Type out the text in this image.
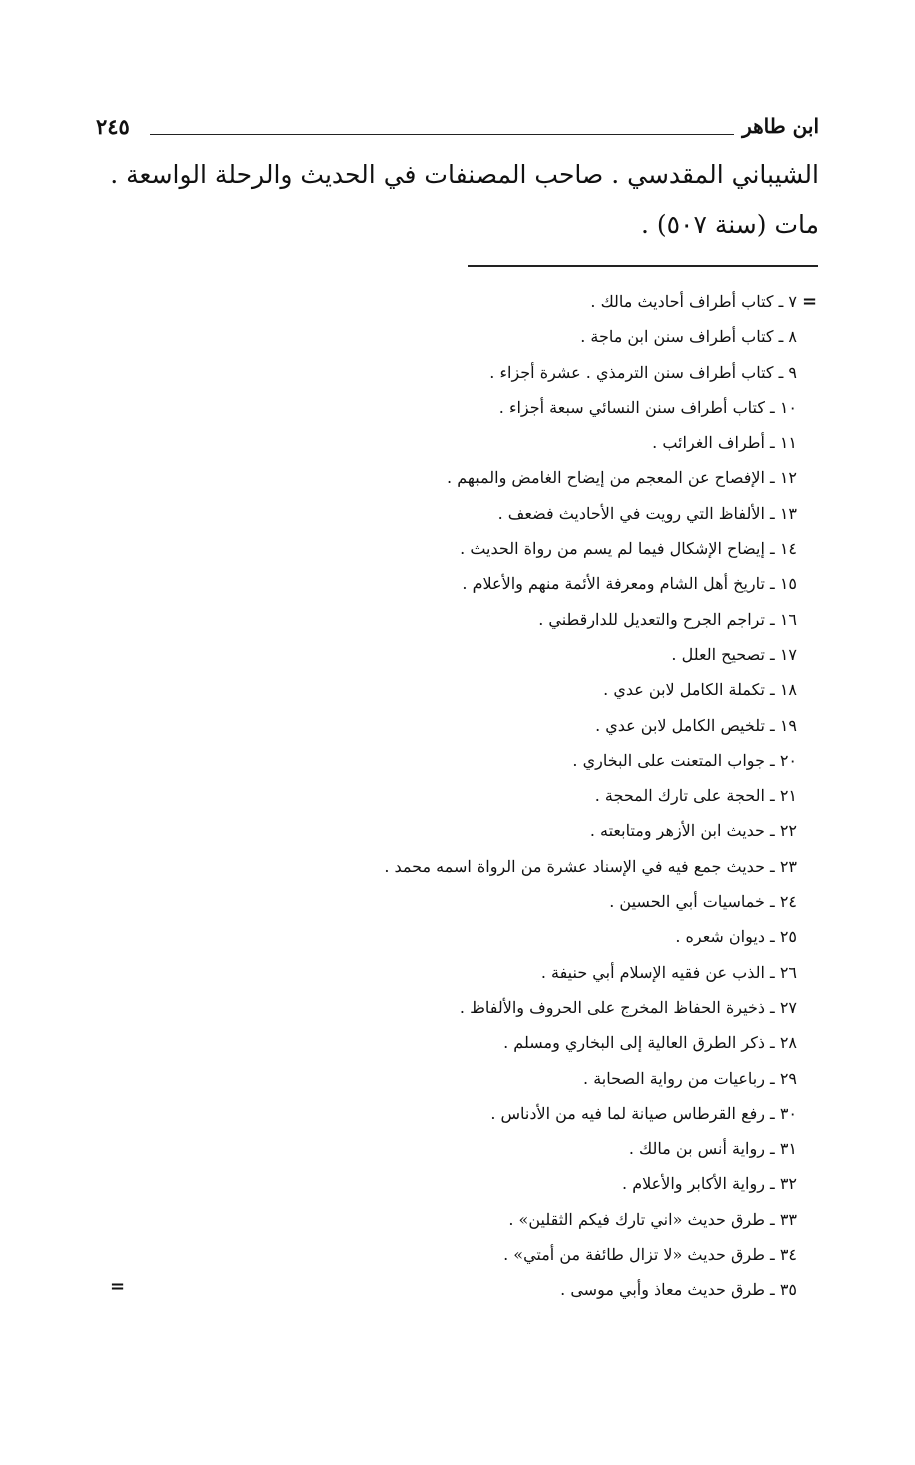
ابن طاهر
٢٤٥

الشيباني المقدسي . صاحب المصنفات في الحديث والرحلة الواسعة .

مات (سنة ٥٠٧) .

=
٧ ـ كتاب أطراف أحاديث مالك .
٨ ـ كتاب أطراف سنن ابن ماجة .
٩ ـ كتاب أطراف سنن الترمذي . عشرة أجزاء .
١٠ ـ كتاب أطراف سنن النسائي سبعة أجزاء .
١١ ـ أطراف الغرائب .
١٢ ـ الإفصاح عن المعجم من إيضاح الغامض والمبهم .
١٣ ـ الألفاظ التي رويت في الأحاديث فضعف .
١٤ ـ إيضاح الإشكال فيما لم يسم من رواة الحديث .
١٥ ـ تاريخ أهل الشام ومعرفة الأئمة منهم والأعلام .
١٦ ـ تراجم الجرح والتعديل للدارقطني .
١٧ ـ تصحيح العلل .
١٨ ـ تكملة الكامل لابن عدي .
١٩ ـ تلخيص الكامل لابن عدي .
٢٠ ـ جواب المتعنت على البخاري .
٢١ ـ الحجة على تارك المحجة .
٢٢ ـ حديث ابن الأزهر ومتابعته .
٢٣ ـ حديث جمع فيه في الإسناد عشرة من الرواة اسمه محمد .
٢٤ ـ خماسيات أبي الحسين .
٢٥ ـ ديوان شعره .
٢٦ ـ الذب عن فقيه الإسلام أبي حنيفة .
٢٧ ـ ذخيرة الحفاظ المخرج على الحروف والألفاظ .
٢٨ ـ ذكر الطرق العالية إلى البخاري ومسلم .
٢٩ ـ رباعيات من رواية الصحابة .
٣٠ ـ رفع القرطاس صيانة لما فيه من الأدناس .
٣١ ـ رواية أنس بن مالك .
٣٢ ـ رواية الأكابر والأعلام .
٣٣ ـ طرق حديث «اني تارك فيكم الثقلين» .
٣٤ ـ طرق حديث «لا تزال طائفة من أمتي» .
٣٥ ـ طرق حديث معاذ وأبي موسى .
=
